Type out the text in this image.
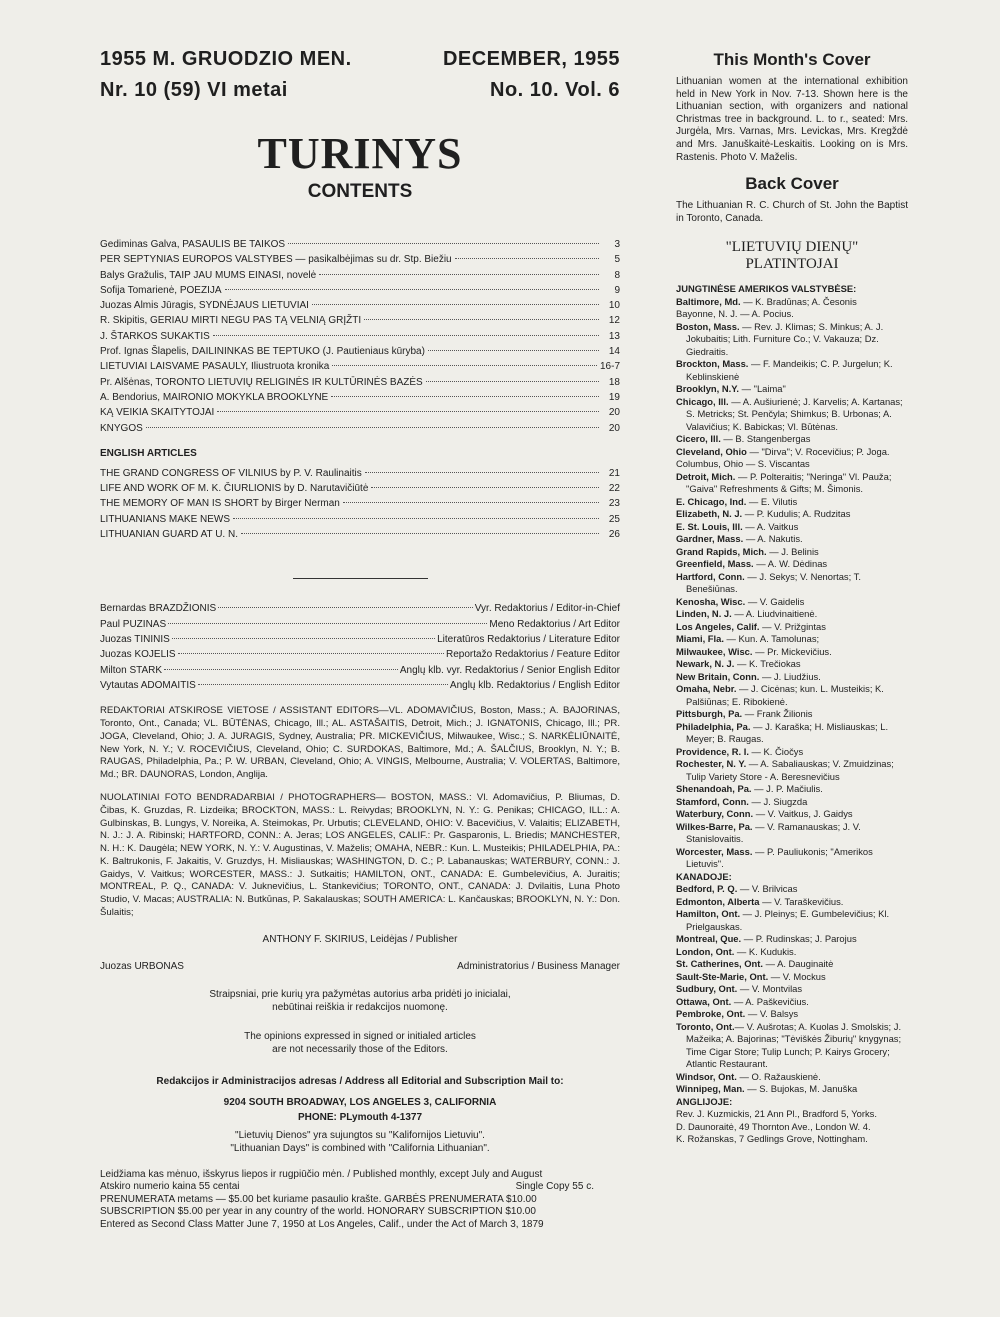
1955 M. GRUODZIO MEN.	DECEMBER, 1955
Nr. 10 (59) VI metai	No. 10. Vol. 6
TURINYS
CONTENTS
Gediminas Galva, PASAULIS BE TAIKOS	3
PER SEPTYNIAS EUROPOS VALSTYBES — pasikalbėjimas su dr. Stp. Biežiu	5
Balys Gražulis, TAIP JAU MUMS EINASI, novelė	8
Sofija Tomarienė, POEZIJA	9
Juozas Almis Jūragis, SYDNĖJAUS LIETUVIAI	10
R. Skipitis, GERIAU MIRTI NEGU PAS TĄ VELNIĄ GRĮŽTI	12
J. ŠTARKOS SUKAKTIS	13
Prof. Ignas Šlapelis, DAILININKAS BE TEPTUKO (J. Pautieniaus kūryba)	14
LIETUVIAI LAISVAME PASAULY, Iliustruota kronika	16-7
Pr. Alšėnas, TORONTO LIETUVIŲ RELIGINĖS IR KULTŪRINĖS BAZĖS	18
A. Bendorius, MAIRONIO MOKYKLA BROOKLYNE	19
KĄ VEIKIA SKAITYTOJAI	20
KNYGOS	20
ENGLISH ARTICLES
THE GRAND CONGRESS OF VILNIUS by P. V. Raulinaitis	21
LIFE AND WORK OF M. K. ČIURLIONIS by D. Narutavičiūtė	22
THE MEMORY OF MAN IS SHORT by Birger Nerman	23
LITHUANIANS MAKE NEWS	25
LITHUANIAN GUARD AT U. N.	26
Bernardas BRAZDŽIONIS	Vyr. Redaktorius / Editor-in-Chief
Paul PUZINAS	Meno Redaktorius / Art Editor
Juozas TININIS	Literatūros Redaktorius / Literature Editor
Juozas KOJELIS	Reportažo Redaktorius / Feature Editor
Milton STARK	Anglų klb. vyr. Redaktorius / Senior English Editor
Vytautas ADOMAITIS	Anglų klb. Redaktorius / English Editor
REDAKTORIAI ATSKIROSE VIETOSE / ASSISTANT EDITORS—VL. ADOMAVIČIUS, Boston, Mass.; A. BAJORINAS, Toronto, Ont., Canada; VL. BŪTĖNAS, Chicago, Ill.; AL. ASTAŠAITIS, Detroit, Mich.; J. IGNATONIS, Chicago, Ill.; PR. JOGA, Cleveland, Ohio; J. A. JURAGIS, Sydney, Australia; PR. MICKEVIČIUS, Milwaukee, Wisc.; S. NARKĖLIŪNAITĖ, New York, N. Y.; V. ROCEVIČIUS, Cleveland, Ohio; C. SURDOKAS, Baltimore, Md.; A. ŠALČIUS, Brooklyn, N. Y.; B. RAUGAS, Philadelphia, Pa.; P. W. URBAN, Cleveland, Ohio; A. VINGIS, Melbourne, Australia; V. VOLERTAS, Baltimore, Md.; BR. DAUNORAS, London, Anglija.
NUOLATINIAI FOTO BENDRADARBIAI / PHOTOGRAPHERS— BOSTON, MASS.: Vl. Adomavičius, P. Bliumas, D. Čibas, K. Gruzdas, R. Lizdeika; BROCKTON, MASS.: L. Reivydas; BROOKLYN, N. Y.: G. Penikas; CHICAGO, ILL.: A. Gulbinskas, B. Lungys, V. Noreika, A. Steimokas, Pr. Urbutis; CLEVELAND, OHIO: V. Bacevičius, V. Valaitis; ELIZABETH, N. J.: J. A. Ribinski; HARTFORD, CONN.: A. Jeras; LOS ANGELES, CALIF.: Pr. Gasparonis, L. Briedis; MANCHESTER, N. H.: K. Daugėla; NEW YORK, N. Y.: V. Augustinas, V. Maželis; OMAHA, NEBR.: Kun. L. Musteikis; PHILADELPHIA, PA.: K. Baltrukonis, F. Jakaitis, V. Gruzdys, H. Misliauskas; WASHINGTON, D. C.; P. Labanauskas; WATERBURY, CONN.: J. Gaidys, V. Vaitkus; WORCESTER, MASS.: J. Sutkaitis; HAMILTON, ONT., CANADA: E. Gumbelevičius, A. Juraitis; MONTREAL, P. Q., CANADA: V. Juknevičius, L. Stankevičius; TORONTO, ONT., CANADA: J. Dvilaitis, Luna Photo Studio, V. Macas; AUSTRALIA: N. Butkūnas, P. Sakalauskas; SOUTH AMERICA: L. Kančauskas; BROOKLYN, N. Y.: Don. Šulaitis;
ANTHONY F. SKIRIUS, Leidėjas / Publisher
Juozas URBONAS	Administratorius / Business Manager
Straipsniai, prie kurių yra pažymėtas autorius arba pridėti jo inicialai,
nebūtinai reiškia ir redakcijos nuomonę.
The opinions expressed in signed or initialed articles
are not necessarily those of the Editors.
Redakcijos ir Administracijos adresas / Address all Editorial and Subscription Mail to:
9204 SOUTH BROADWAY, LOS ANGELES 3, CALIFORNIA
PHONE: PLymouth 4-1377
"Lietuvių Dienos" yra sujungtos su "Kalifornijos Lietuviu".
"Lithuanian Days" is combined with "California Lithuanian".
Leidžiama kas mėnuo, išskyrus liepos ir rugpiūčio mėn. / Published monthly, except July and August
Atskiro numerio kaina 55 centai	Single Copy 55 c.
PRENUMERATA metams — $5.00 bet kuriame pasaulio krašte. GARBĖS PRENUMERATA $10.00
SUBSCRIPTION $5.00 per year in any country of the world. HONORARY SUBSCRIPTION $10.00
Entered as Second Class Matter June 7, 1950 at Los Angeles, Calif., under the Act of March 3, 1879
This Month's Cover
Lithuanian women at the international exhibition held in New York in Nov. 7-13. Shown here is the Lithuanian section, with organizers and national Christmas tree in background. L. to r., seated: Mrs. Jurgėla, Mrs. Varnas, Mrs. Levickas, Mrs. Kregždė and Mrs. Januškaitė-Leskaitis. Looking on is Mrs. Rastenis. Photo V. Maželis.
Back Cover
The Lithuanian R. C. Church of St. John the Baptist in Toronto, Canada.
"LIETUVIŲ DIENŲ"
PLATINTOJAI
JUNGTINĖSE AMERIKOS VALSTYBĖSE:
Baltimore, Md. — K. Bradūnas; A. Česonis
Bayonne, N. J. — A. Pocius.
Boston, Mass. — Rev. J. Klimas; S. Minkus; A. J. Jokubaitis; Lith. Furniture Co.; V. Vakauza; Dz. Giedraitis.
Brockton, Mass. — F. Mandeikis; C. P. Jurgelun; K. Keblinskienė
Brooklyn, N.Y. — "Laima"
Chicago, Ill. — A. Aušiurienė; J. Karvelis; A. Kartanas; S. Metricks; St. Penčyla; Shimkus; B. Urbonas; A. Valavičius; K. Babickas; Vl. Būtėnas.
Cicero, Ill. — B. Stangenbergas
Cleveland, Ohio — "Dirva"; V. Rocevičius; P. Joga.
Columbus, Ohio — S. Viscantas
Detroit, Mich. — P. Polteraitis; "Neringa" Vl. Pauža; "Gaiva" Refreshments & Gifts; M. Šimonis.
E. Chicago, Ind. — E. Vilutis
Elizabeth, N. J. — P. Kudulis; A. Rudzitas
E. St. Louis, Ill. — A. Vaitkus
Gardner, Mass. — A. Nakutis.
Grand Rapids, Mich. — J. Belinis
Greenfield, Mass. — A. W. Dėdinas
Hartford, Conn. — J. Sekys; V. Nenortas; T. Benešiūnas.
Kenosha, Wisc. — V. Gaidelis
Linden, N. J. — A. Liudvinaitienė.
Los Angeles, Calif. — V. Prižgintas
Miami, Fla. — Kun. A. Tamolunas;
Milwaukee, Wisc. — Pr. Mickevičius.
Newark, N. J. — K. Trečiokas
New Britain, Conn. — J. Liudžius.
Omaha, Nebr. — J. Cicėnas; kun. L. Musteikis; K. Palšiūnas; E. Ribokienė.
Pittsburgh, Pa. — Frank Žilionis
Philadelphia, Pa. — J. Karaška; H. Misliauskas; L. Meyer; B. Raugas.
Providence, R. I. — K. Čiočys
Rochester, N. Y. — A. Sabaliauskas; V. Zmuidzinas; Tulip Variety Store - A. Beresnevičius
Shenandoah, Pa. — J. P. Mačiulis.
Stamford, Conn. — J. Siugzda
Waterbury, Conn. — V. Vaitkus, J. Gaidys
Wilkes-Barre, Pa. — V. Ramanauskas; J. V. Stanislovaitis.
Worcester, Mass. — P. Pauliukonis; "Amerikos Lietuvis".
KANADOJE:
Bedford, P. Q. — V. Brilvicas
Edmonton, Alberta — V. Taraškevičius.
Hamilton, Ont. — J. Pleinys; E. Gumbelevičius; Kl. Prielgauskas.
Montreal, Que. — P. Rudinskas; J. Parojus
London, Ont. — K. Kudukis.
St. Catherines, Ont. — A. Dauginaitė
Sault-Ste-Marie, Ont. — V. Mockus
Sudbury, Ont. — V. Montvilas
Ottawa, Ont. — A. Paškevičius.
Pembroke, Ont. — V. Balsys
Toronto, Ont.— V. Aušrotas; A. Kuolas J. Smolskis; J. Mažeika; A. Bajorinas; "Tėviškės Žiburių" knygynas; Time Cigar Store; Tulip Lunch; P. Kairys Grocery; Atlantic Restaurant.
Windsor, Ont. — O. Ražauskienė.
Winnipeg, Man. — S. Bujokas, M. Januška
ANGLIJOJE:
Rev. J. Kuzmickis, 21 Ann Pl., Bradford 5, Yorks.
D. Daunoraitė, 49 Thornton Ave., London W. 4.
K. Rožanskas, 7 Gedlings Grove, Nottingham.
